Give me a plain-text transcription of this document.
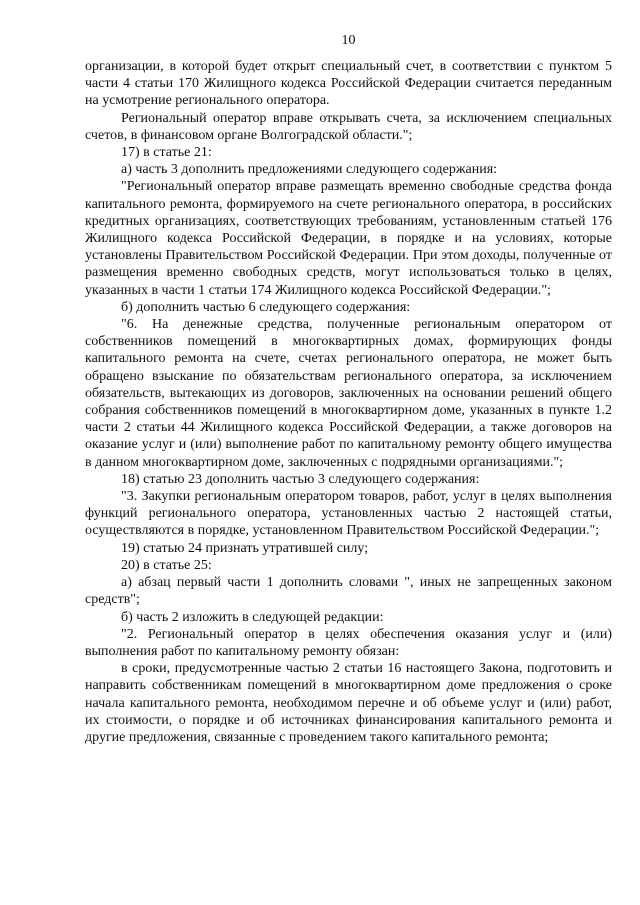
10

организации, в которой будет открыт специальный счет, в соответствии с пунктом 5 части 4 статьи 170 Жилищного кодекса Российской Федерации считается переданным на усмотрение регионального оператора.

Региональный оператор вправе открывать счета, за исключением специальных счетов, в финансовом органе Волгоградской области.";

17) в статье 21:

а) часть 3 дополнить предложениями следующего содержания:

"Региональный оператор вправе размещать временно свободные средства фонда капитального ремонта, формируемого на счете регионального оператора, в российских кредитных организациях, соответствующих требованиям, установленным статьей 176 Жилищного кодекса Российской Федерации, в порядке и на условиях, которые установлены Правительством Российской Федерации. При этом доходы, полученные от размещения временно свободных средств, могут использоваться только в целях, указанных в части 1 статьи 174 Жилищного кодекса Российской Федерации.";

б) дополнить частью 6 следующего содержания:

"6. На денежные средства, полученные региональным оператором от собственников помещений в многоквартирных домах, формирующих фонды капитального ремонта на счете, счетах регионального оператора, не может быть обращено взыскание по обязательствам регионального оператора, за исключением обязательств, вытекающих из договоров, заключенных на основании решений общего собрания собственников помещений в многоквартирном доме, указанных в пункте 1.2 части 2 статьи 44 Жилищного кодекса Российской Федерации, а также договоров на оказание услуг и (или) выполнение работ по капитальному ремонту общего имущества в данном многоквартирном доме, заключенных с подрядными организациями.";

18) статью 23 дополнить частью 3 следующего содержания:

"3. Закупки региональным оператором товаров, работ, услуг в целях выполнения функций регионального оператора, установленных частью 2 настоящей статьи, осуществляются в порядке, установленном Правительством Российской Федерации.";

19) статью 24 признать утратившей силу;

20) в статье 25:

а) абзац первый части 1 дополнить словами ", иных не запрещенных законом средств";

б) часть 2 изложить в следующей редакции:

"2. Региональный оператор в целях обеспечения оказания услуг и (или) выполнения работ по капитальному ремонту обязан:

в сроки, предусмотренные частью 2 статьи 16 настоящего Закона, подготовить и направить собственникам помещений в многоквартирном доме предложения о сроке начала капитального ремонта, необходимом перечне и об объеме услуг и (или) работ, их стоимости, о порядке и об источниках финансирования капитального ремонта и другие предложения, связанные с проведением такого капитального ремонта;
